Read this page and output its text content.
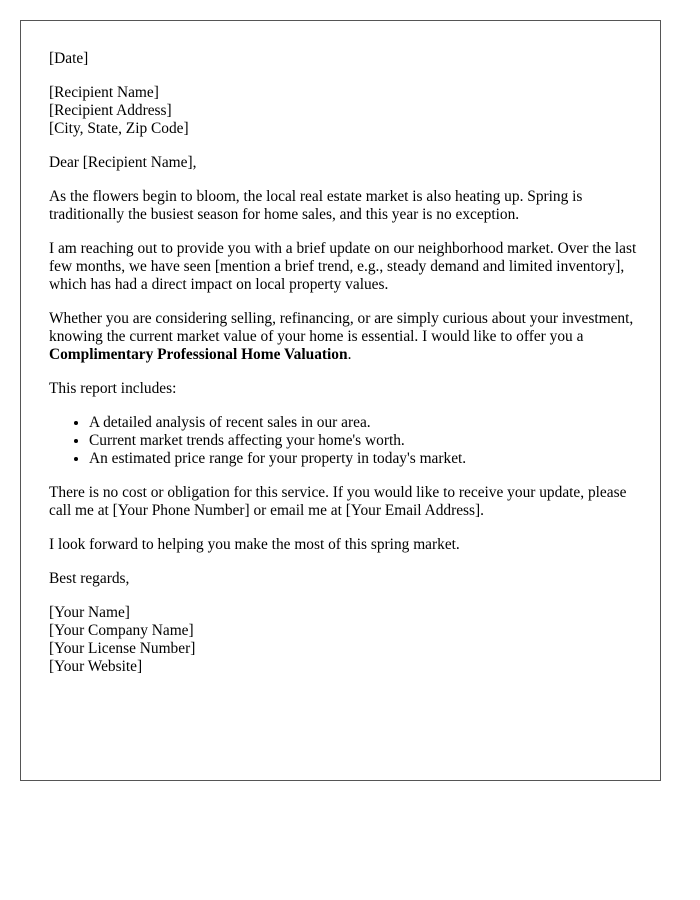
[Date]

[Recipient Name]
[Recipient Address]
[City, State, Zip Code]

Dear [Recipient Name],

As the flowers begin to bloom, the local real estate market is also heating up. Spring is traditionally the busiest season for home sales, and this year is no exception.

I am reaching out to provide you with a brief update on our neighborhood market. Over the last few months, we have seen [mention a brief trend, e.g., steady demand and limited inventory], which has had a direct impact on local property values.

Whether you are considering selling, refinancing, or are simply curious about your investment, knowing the current market value of your home is essential. I would like to offer you a Complimentary Professional Home Valuation.

This report includes:

• A detailed analysis of recent sales in our area.
• Current market trends affecting your home's worth.
• An estimated price range for your property in today's market.

There is no cost or obligation for this service. If you would like to receive your update, please call me at [Your Phone Number] or email me at [Your Email Address].

I look forward to helping you make the most of this spring market.

Best regards,

[Your Name]
[Your Company Name]
[Your License Number]
[Your Website]
